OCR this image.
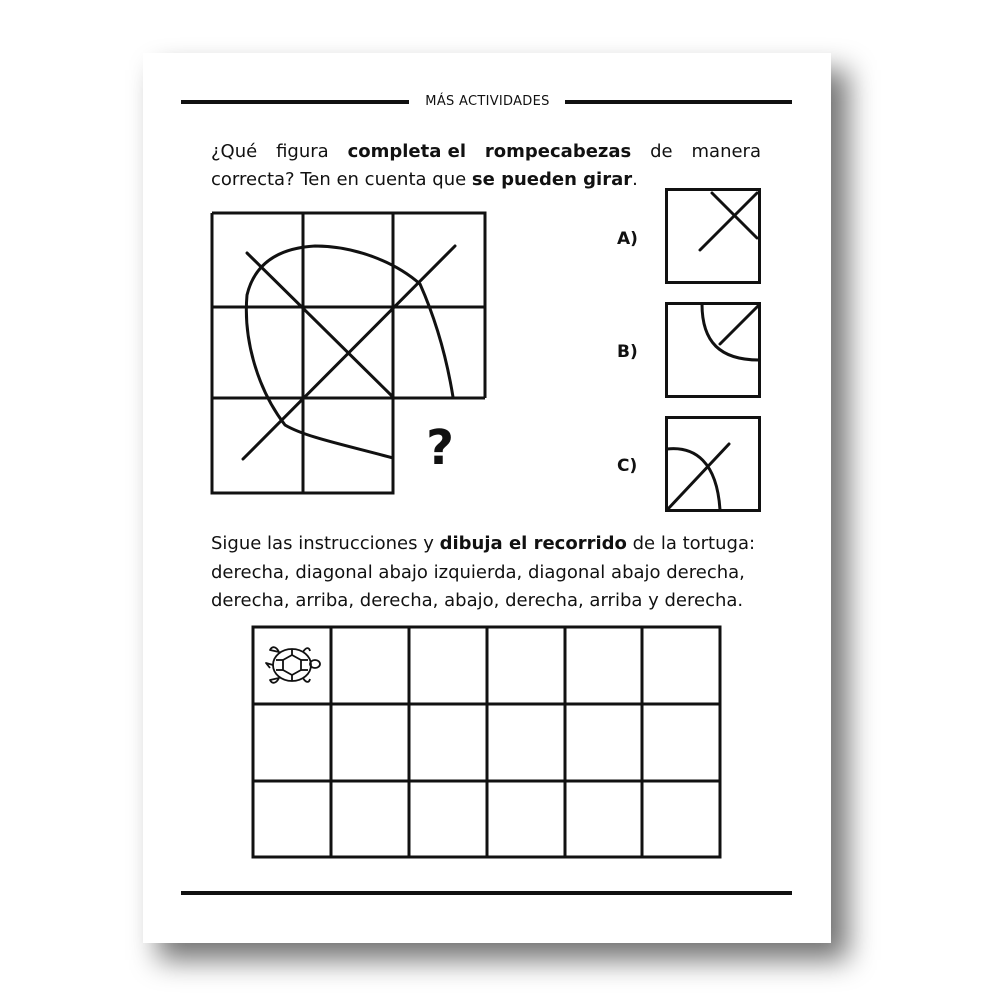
MÁS ACTIVIDADES
¿Qué figura completa el rompecabezas de manera
correcta? Ten en cuenta que se pueden girar.
?
A)
B)
C)
Sigue las instrucciones y dibuja el recorrido de la tortuga:
derecha, diagonal abajo izquierda, diagonal abajo derecha,
derecha, arriba, derecha, abajo, derecha, arriba y derecha.
